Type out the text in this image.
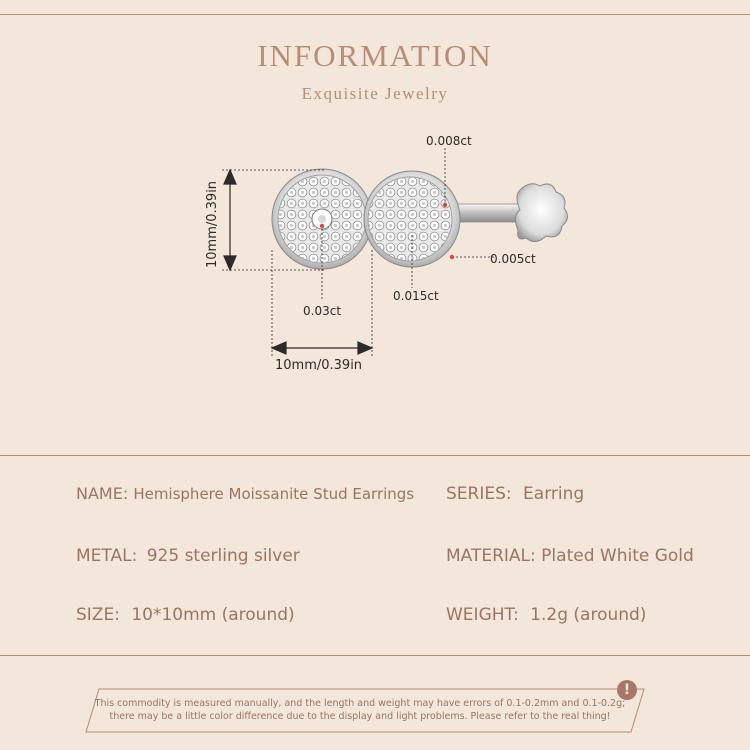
INFORMATION
Exquisite Jewelry
10mm/0.39in
10mm/0.39in
0.03ct
0.008ct
0.005ct
0.015ct
NAME: Hemisphere Moissanite Stud Earrings SERIES: Earring
METAL: 925 sterling silver	MATERIAL: Plated White Gold
SIZE: 10*10mm (around)	WEIGHT: 1.2g (around)
!
This commodity is measured manually, and the length and weight may have errors of 0.1-0.2mm and 0.1-0.2g;
there may be a little color difference due to the display and light problems. Please refer to the real thing!
